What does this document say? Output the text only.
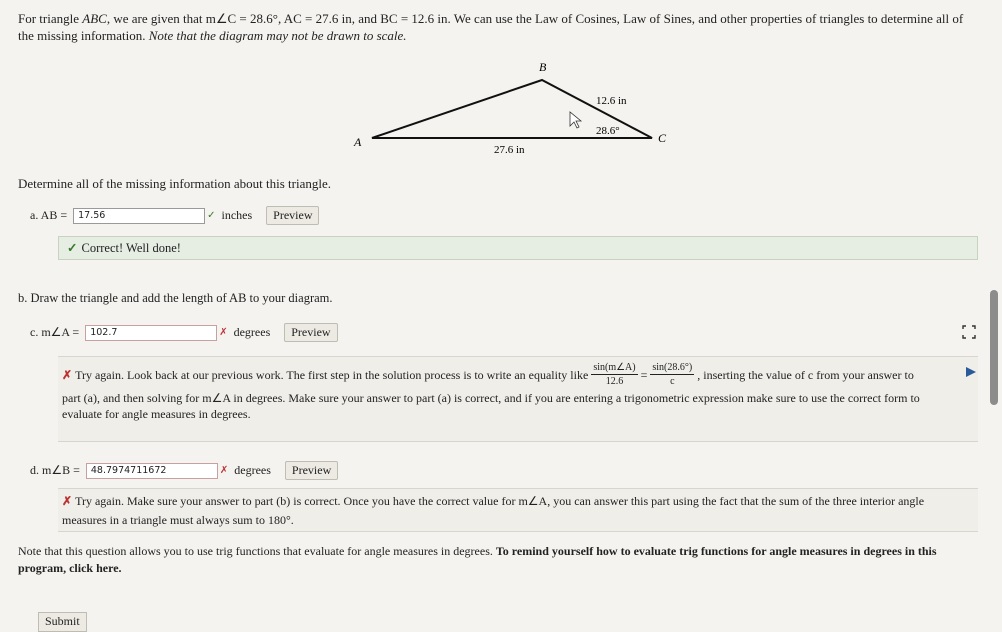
For triangle ABC, we are given that m∠C = 28.6°, AC = 27.6 in, and BC = 12.6 in. We can use the Law of Cosines, Law of Sines, and other properties of triangles to determine all of the missing information. Note that the diagram may not be drawn to scale.
A
B
C
12.6 in
27.6 in
28.6°
Determine all of the missing information about this triangle.
a. AB =	17.56	✓ inches	Preview
✓ Correct! Well done!
b. Draw the triangle and add the length of AB to your diagram.
c. m∠A =	102.7	✗ degrees	Preview
✗ Try again. Look back at our previous work. The first step in the solution process is to write an equality like $\frac{\sin(m\angle A)}{12.6} = \frac{\sin(28.6^\circ)}{c}$ , inserting the value of c from your answer to
part (a), and then solving for m∠A in degrees. Make sure your answer to part (a) is correct, and if you are entering a trigonometric expression make sure to use the correct form to
evaluate for angle measures in degrees.
d. m∠B =	48.7974711672	✗ degrees	Preview
✗ Try again. Make sure your answer to part (b) is correct. Once you have the correct value for m∠A, you can answer this part using the fact that the sum of the three interior angle
measures in a triangle must always sum to 180°.
Note that this question allows you to use trig functions that evaluate for angle measures in degrees. To remind yourself how to evaluate trig functions for angle measures in degrees in this program, click here.
Submit
